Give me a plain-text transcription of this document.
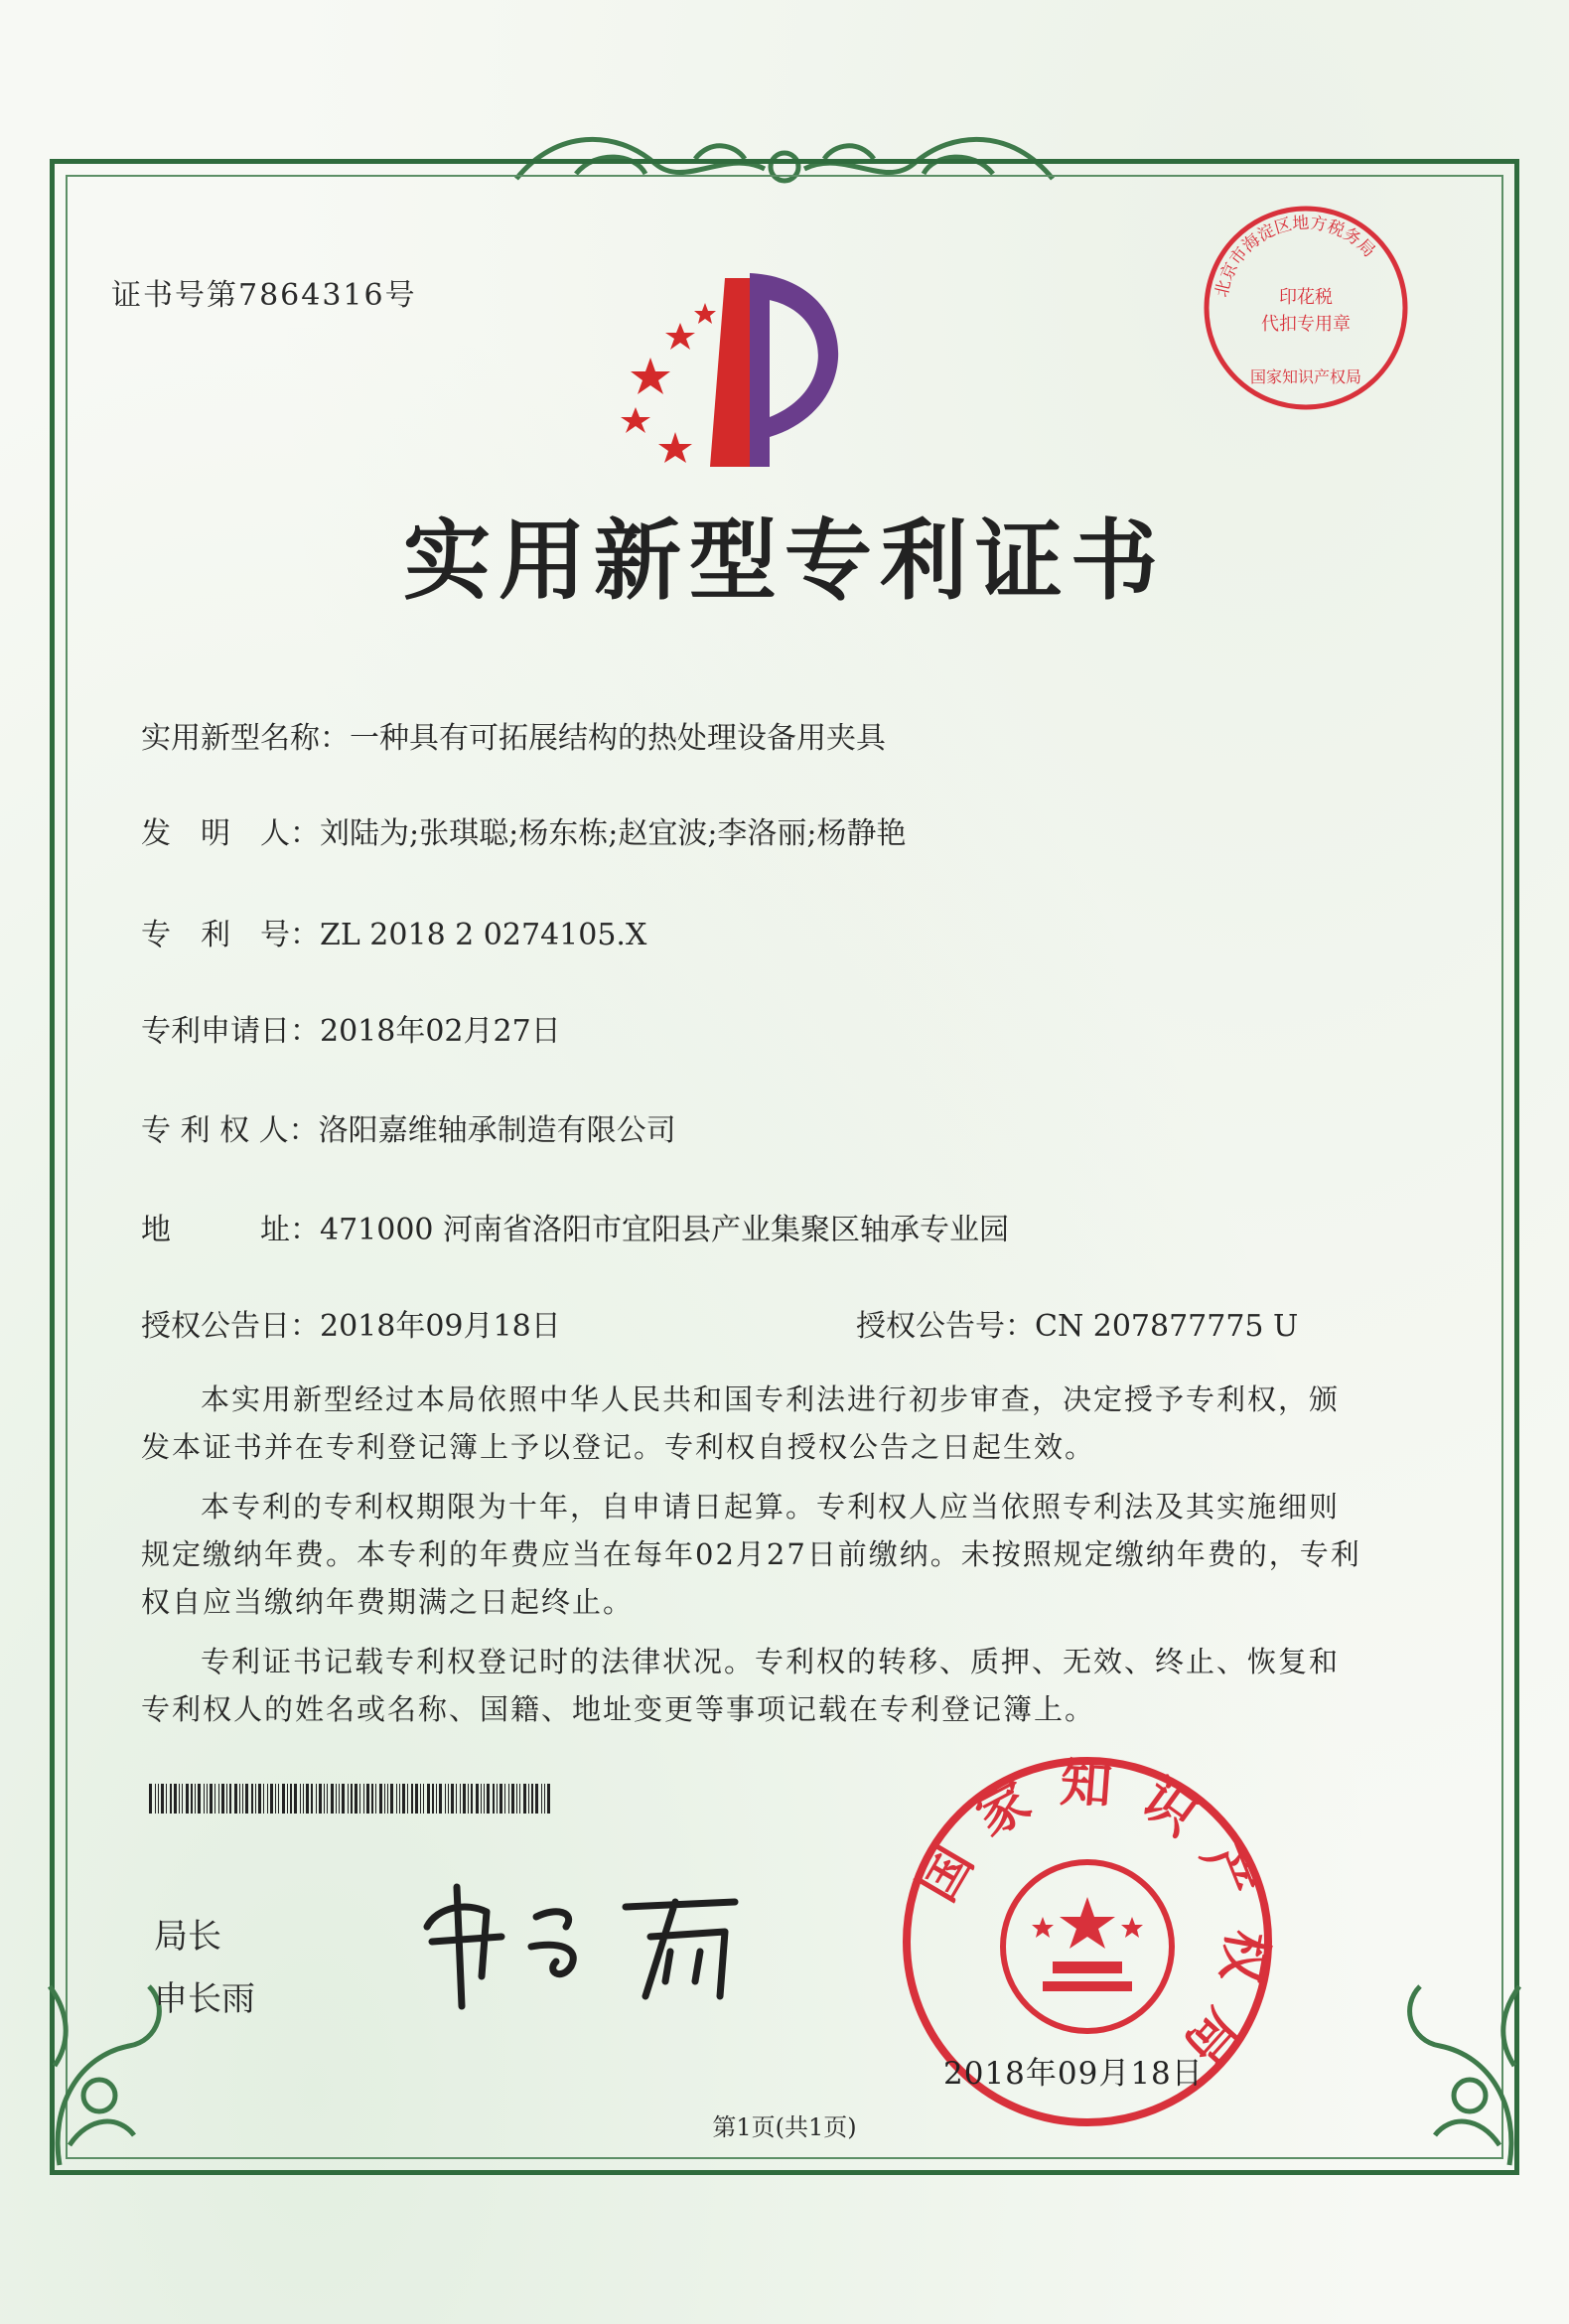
证书号第7864316号	北京市海淀区地方税务局
印花税
代扣专用章
国家知识产权局
实用新型专利证书
实用新型名称：一种具有可拓展结构的热处理设备用夹具
发　明　人：刘陆为;张琪聪;杨东栋;赵宜波;李洛丽;杨静艳
专　利　号：ZL 2018 2 0274105.X
专利申请日：2018年02月27日
专 利 权 人：洛阳嘉维轴承制造有限公司
地　　　址：471000 河南省洛阳市宜阳县产业集聚区轴承专业园
授权公告日：2018年09月18日	授权公告号：CN 207877775 U

本实用新型经过本局依照中华人民共和国专利法进行初步审查，决定授予专利权，颁发本证书并在专利登记簿上予以登记。专利权自授权公告之日起生效。

本专利的专利权期限为十年，自申请日起算。专利权人应当依照专利法及其实施细则规定缴纳年费。本专利的年费应当在每年02月27日前缴纳。未按照规定缴纳年费的，专利权自应当缴纳年费期满之日起终止。

专利证书记载专利权登记时的法律状况。专利权的转移、质押、无效、终止、恢复和专利权人的姓名或名称、国籍、地址变更等事项记载在专利登记簿上。

局长
申长雨
国家知识产权局
2018年09月18日
第1页(共1页)
